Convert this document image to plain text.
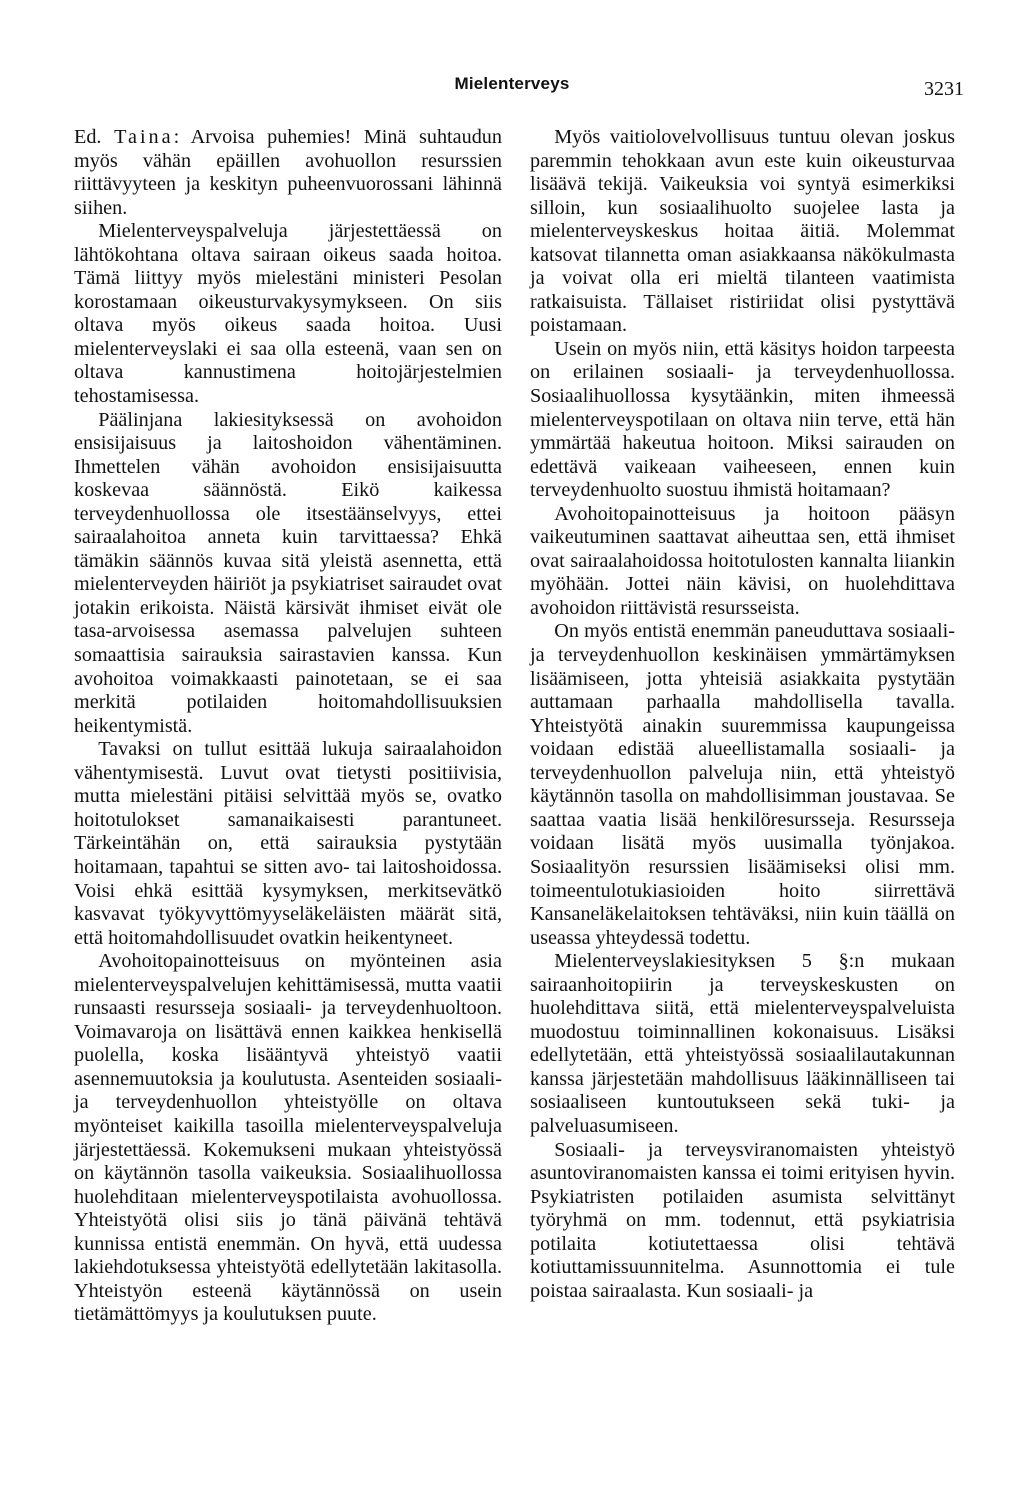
Mielenterveys	3231

Ed. Taina: Arvoisa puhemies! Minä suhtaudun myös vähän epäillen avohuollon resurssien riittävyyteen ja keskityn puheenvuorossani lähinnä siihen.

Mielenterveyspalveluja järjestettäessä on lähtökohtana oltava sairaan oikeus saada hoitoa. Tämä liittyy myös mielestäni ministeri Pesolan korostamaan oikeusturvakysymykseen. On siis oltava myös oikeus saada hoitoa. Uusi mielenterveyslaki ei saa olla esteenä, vaan sen on oltava kannustimena hoitojärjestelmien tehostamisessa.

Päälinjana lakiesityksessä on avohoidon ensisijaisuus ja laitoshoidon vähentäminen. Ihmettelen vähän avohoidon ensisijaisuutta koskevaa säännöstä. Eikö kaikessa terveydenhuollossa ole itsestäänselvyys, ettei sairaalahoitoa anneta kuin tarvittaessa? Ehkä tämäkin säännös kuvaa sitä yleistä asennetta, että mielenterveyden häiriöt ja psykiatriset sairaudet ovat jotakin erikoista. Näistä kärsivät ihmiset eivät ole tasa-arvoisessa asemassa palvelujen suhteen somaattisia sairauksia sairastavien kanssa. Kun avohoitoa voimakkaasti painotetaan, se ei saa merkitä potilaiden hoitomahdollisuuksien heikentymistä.

Tavaksi on tullut esittää lukuja sairaalahoidon vähentymisestä. Luvut ovat tietysti positiivisia, mutta mielestäni pitäisi selvittää myös se, ovatko hoitotulokset samanaikaisesti parantuneet. Tärkeintähän on, että sairauksia pystytään hoitamaan, tapahtui se sitten avo- tai laitoshoidossa. Voisi ehkä esittää kysymyksen, merkitsevätkö kasvavat työkyvyttömyyseläkeläisten määrät sitä, että hoitomahdollisuudet ovatkin heikentyneet.

Avohoitopainotteisuus on myönteinen asia mielenterveyspalvelujen kehittämisessä, mutta vaatii runsaasti resursseja sosiaali- ja terveydenhuoltoon. Voimavaroja on lisättävä ennen kaikkea henkisellä puolella, koska lisääntyvä yhteistyö vaatii asennemuutoksia ja koulutusta. Asenteiden sosiaali- ja terveydenhuollon yhteistyölle on oltava myönteiset kaikilla tasoilla mielenterveyspalveluja järjestettäessä. Kokemukseni mukaan yhteistyössä on käytännön tasolla vaikeuksia. Sosiaalihuollossa huolehditaan mielenterveyspotilaista avohuollossa. Yhteistyötä olisi siis jo tänä päivänä tehtävä kunnissa entistä enemmän. On hyvä, että uudessa lakiehdotuksessa yhteistyötä edellytetään lakitasolla. Yhteistyön esteenä käytännössä on usein tietämättömyys ja koulutuksen puute.

Myös vaitiolovelvollisuus tuntuu olevan joskus paremmin tehokkaan avun este kuin oikeusturvaa lisäävä tekijä. Vaikeuksia voi syntyä esimerkiksi silloin, kun sosiaalihuolto suojelee lasta ja mielenterveyskeskus hoitaa äitiä. Molemmat katsovat tilannetta oman asiakkaansa näkökulmasta ja voivat olla eri mieltä tilanteen vaatimista ratkaisuista. Tällaiset ristiriidat olisi pystyttävä poistamaan.

Usein on myös niin, että käsitys hoidon tarpeesta on erilainen sosiaali- ja terveydenhuollossa. Sosiaalihuollossa kysytäänkin, miten ihmeessä mielenterveyspotilaan on oltava niin terve, että hän ymmärtää hakeutua hoitoon. Miksi sairauden on edettävä vaikeaan vaiheeseen, ennen kuin terveydenhuolto suostuu ihmistä hoitamaan?

Avohoitopainotteisuus ja hoitoon pääsyn vaikeutuminen saattavat aiheuttaa sen, että ihmiset ovat sairaalahoidossa hoitotulosten kannalta liiankin myöhään. Jottei näin kävisi, on huolehdittava avohoidon riittävistä resursseista.

On myös entistä enemmän paneuduttava sosiaali- ja terveydenhuollon keskinäisen ymmärtämyksen lisäämiseen, jotta yhteisiä asiakkaita pystytään auttamaan parhaalla mahdollisella tavalla. Yhteistyötä ainakin suuremmissa kaupungeissa voidaan edistää alueellistamalla sosiaali- ja terveydenhuollon palveluja niin, että yhteistyö käytännön tasolla on mahdollisimman joustavaa. Se saattaa vaatia lisää henkilöresursseja. Resursseja voidaan lisätä myös uusimalla työnjakoa. Sosiaalityön resurssien lisäämiseksi olisi mm. toimeentulotukiasioiden hoito siirrettävä Kansaneläkelaitoksen tehtäväksi, niin kuin täällä on useassa yhteydessä todettu.

Mielenterveyslakiesityksen 5 §:n mukaan sairaanhoitopiirin ja terveyskeskusten on huolehdittava siitä, että mielenterveyspalveluista muodostuu toiminnallinen kokonaisuus. Lisäksi edellytetään, että yhteistyössä sosiaalilautakunnan kanssa järjestetään mahdollisuus lääkinnälliseen tai sosiaaliseen kuntoutukseen sekä tuki- ja palveluasumiseen.

Sosiaali- ja terveysviranomaisten yhteistyö asuntoviranomaisten kanssa ei toimi erityisen hyvin. Psykiatristen potilaiden asumista selvittänyt työryhmä on mm. todennut, että psykiatrisia potilaita kotiutettaessa olisi tehtävä kotiuttamissuunnitelma. Asunnottomia ei tule poistaa sairaalasta. Kun sosiaali- ja
